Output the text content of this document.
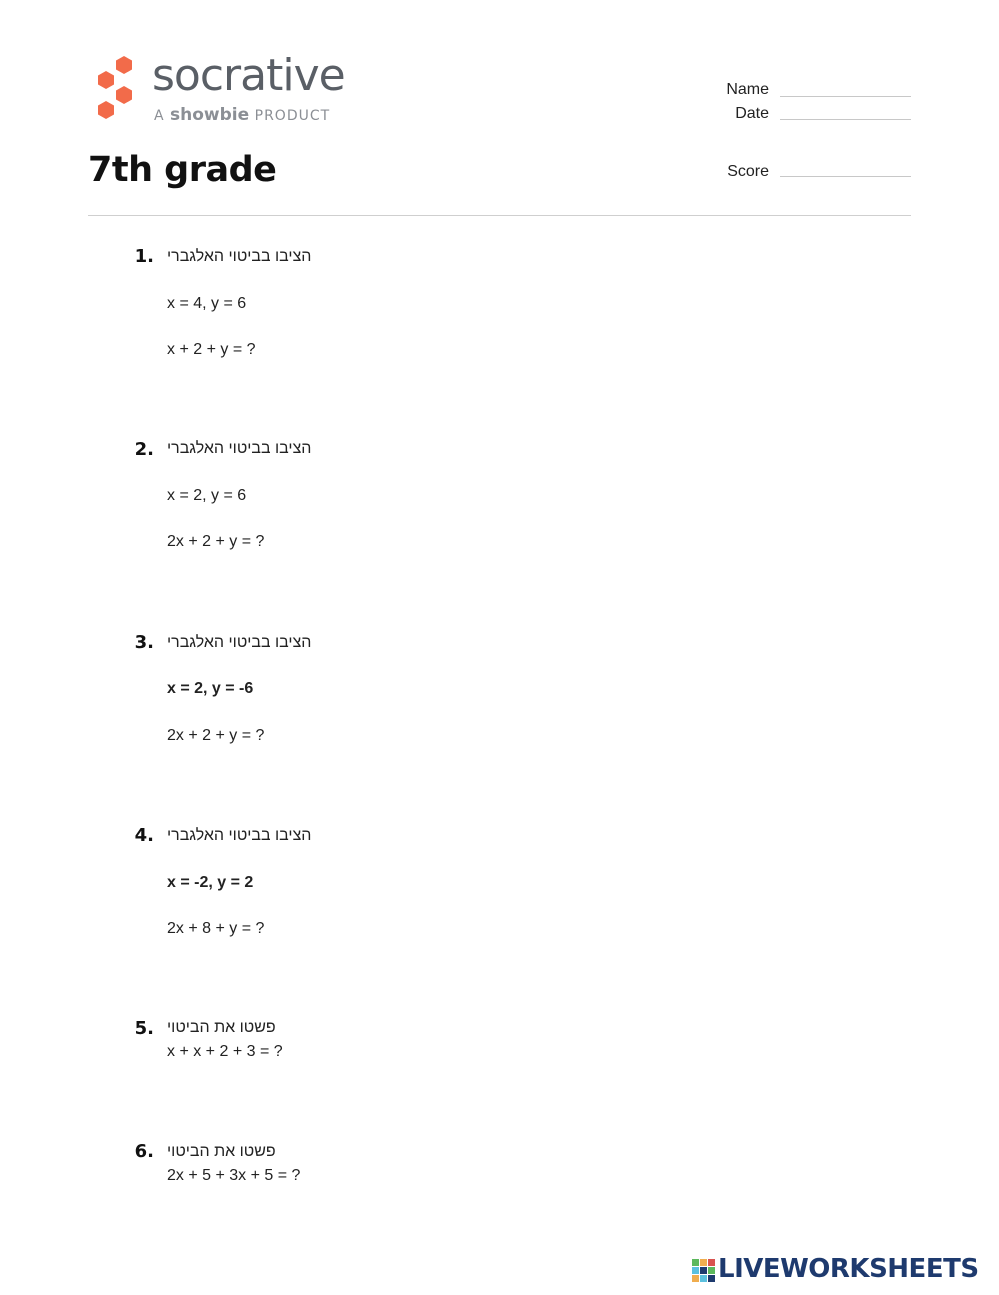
socrative
A showbie PRODUCT
7th grade
Name
Date
Score
1. הציבו בביטוי האלגברי
x = 4, y = 6
x + 2 + y = ?
2. הציבו בביטוי האלגברי
x = 2, y = 6
2x + 2 + y = ?
3. הציבו בביטוי האלגברי
x = 2, y = -6
2x + 2 + y = ?
4. הציבו בביטוי האלגברי
x = -2, y = 2
2x + 8 + y = ?
5. פשטו את הביטוי
x + x + 2 + 3 = ?
6. פשטו את הביטוי
2x + 5 + 3x + 5 = ?
LIVEWORKSHEETS
